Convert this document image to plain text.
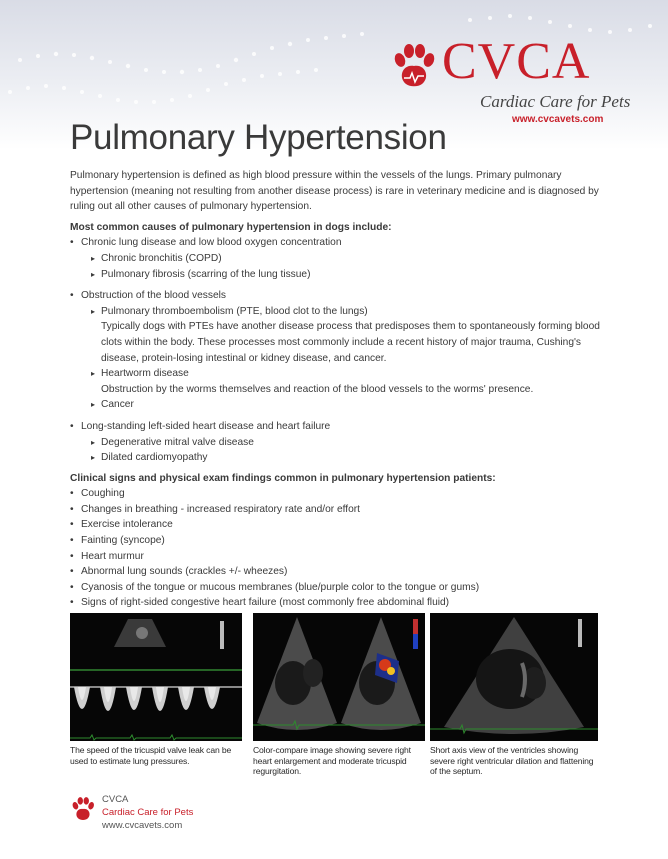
CVCA
Cardiac Care for Pets
www.cvcavets.com
Pulmonary Hypertension

Pulmonary hypertension is defined as high blood pressure within the vessels of the lungs. Primary pulmonary hypertension (meaning not resulting from another disease process) is rare in veterinary medicine and is diagnosed by ruling out all other causes of pulmonary hypertension.

Most common causes of pulmonary hypertension in dogs include:
• Chronic lung disease and low blood oxygen concentration
▸ Chronic bronchitis (COPD)
▸ Pulmonary fibrosis (scarring of the lung tissue)
• Obstruction of the blood vessels
▸ Pulmonary thromboembolism (PTE, blood clot to the lungs)
Typically dogs with PTEs have another disease process that predisposes them to spontaneously forming blood clots within the body. These processes most commonly include a recent history of major trauma, Cushing's disease, protein-losing intestinal or kidney disease, and cancer.
▸ Heartworm disease
Obstruction by the worms themselves and reaction of the blood vessels to the worms' presence.
▸ Cancer
• Long-standing left-sided heart disease and heart failure
▸ Degenerative mitral valve disease
▸ Dilated cardiomyopathy
Clinical signs and physical exam findings common in pulmonary hypertension patients:
• Coughing
• Changes in breathing - increased respiratory rate and/or effort
• Exercise intolerance
• Fainting (syncope)
• Heart murmur
• Abnormal lung sounds (crackles +/- wheezes)
• Cyanosis of the tongue or mucous membranes (blue/purple color to the tongue or gums)
• Signs of right-sided congestive heart failure (most commonly free abdominal fluid)
The speed of the tricuspid valve leak can be used to estimate lung pressures.
Color-compare image showing severe right heart enlargement and moderate tricuspid regurgitation.
Short axis view of the ventricles showing severe right ventricular dilation and flattening of the septum.
CVCA
Cardiac Care for Pets
www.cvcavets.com
